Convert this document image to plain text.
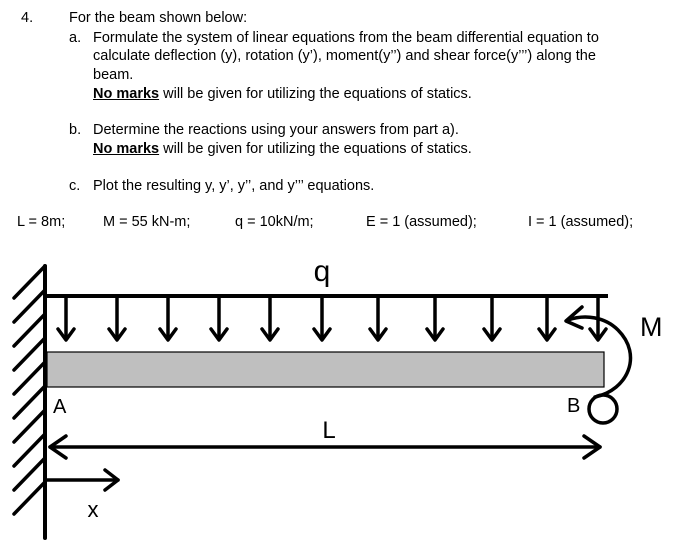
4. For the beam shown below:
a. Formulate the system of linear equations from the beam differential equation to
calculate deflection (y), rotation (y’), moment(y’’) and shear force(y’’’) along the
beam.
No marks will be given for utilizing the equations of statics.
b. Determine the reactions using your answers from part a).
No marks will be given for utilizing the equations of statics.
c. Plot the resulting y, y’, y’’, and y’’’ equations.
L = 8m;	M = 55 kN-m;	q = 10kN/m;	E = 1 (assumed);	I = 1 (assumed);
q
A	B
M
L
x
